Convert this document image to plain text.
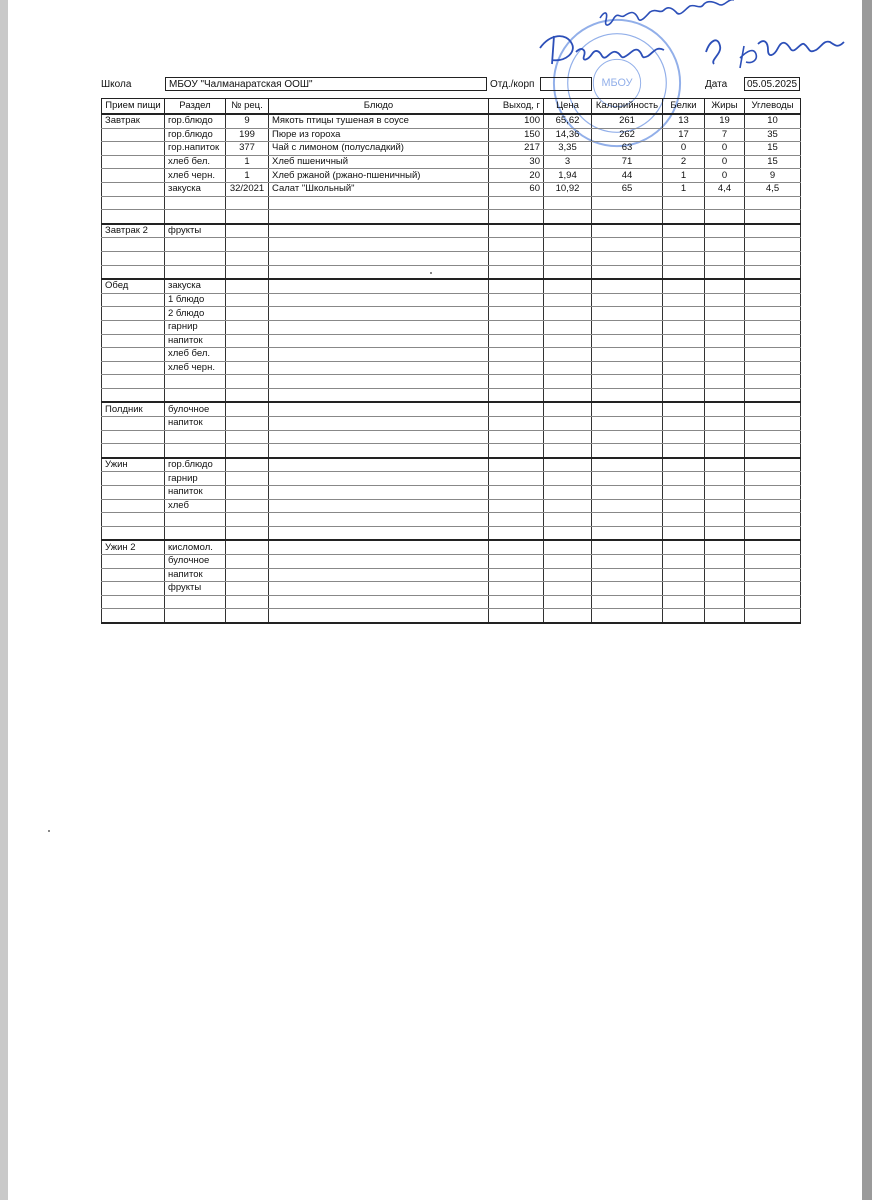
МБОУ
Школа	МБОУ "Чалманаратская ООШ"	Отд./корп	Дата	05.05.2025
Прием пищи	Раздел	№ рец.	Блюдо	Выход, г	Цена	Калорийность	Белки	Жиры	Углеводы
Завтрак	гор.блюдо	9	Мякоть птицы тушеная в соусе	100	65,62	261	13	19	10
	гор.блюдо	199	Пюре из гороха	150	14,36	262	17	7	35
	гор.напиток	377	Чай с лимоном (полусладкий)	217	3,35	63	0	0	15
	хлеб бел.	1	Хлеб пшеничный	30	3	71	2	0	15
	хлеб черн.	1	Хлеб ржаной (ржано-пшеничный)	20	1,94	44	1	0	9
	закуска	32/2021	Салат "Школьный"	60	10,92	65	1	4,4	4,5

Завтрак 2	фрукты								

Обед	закуска								
	1 блюдо								
	2 блюдо								
	гарнир								
	напиток								
	хлеб бел.								
	хлеб черн.								

Полдник	булочное								
	напиток								

Ужин	гор.блюдо								
	гарнир								
	напиток								
	хлеб								

Ужин 2	кисломол.								
	булочное								
	напиток								
	фрукты								
